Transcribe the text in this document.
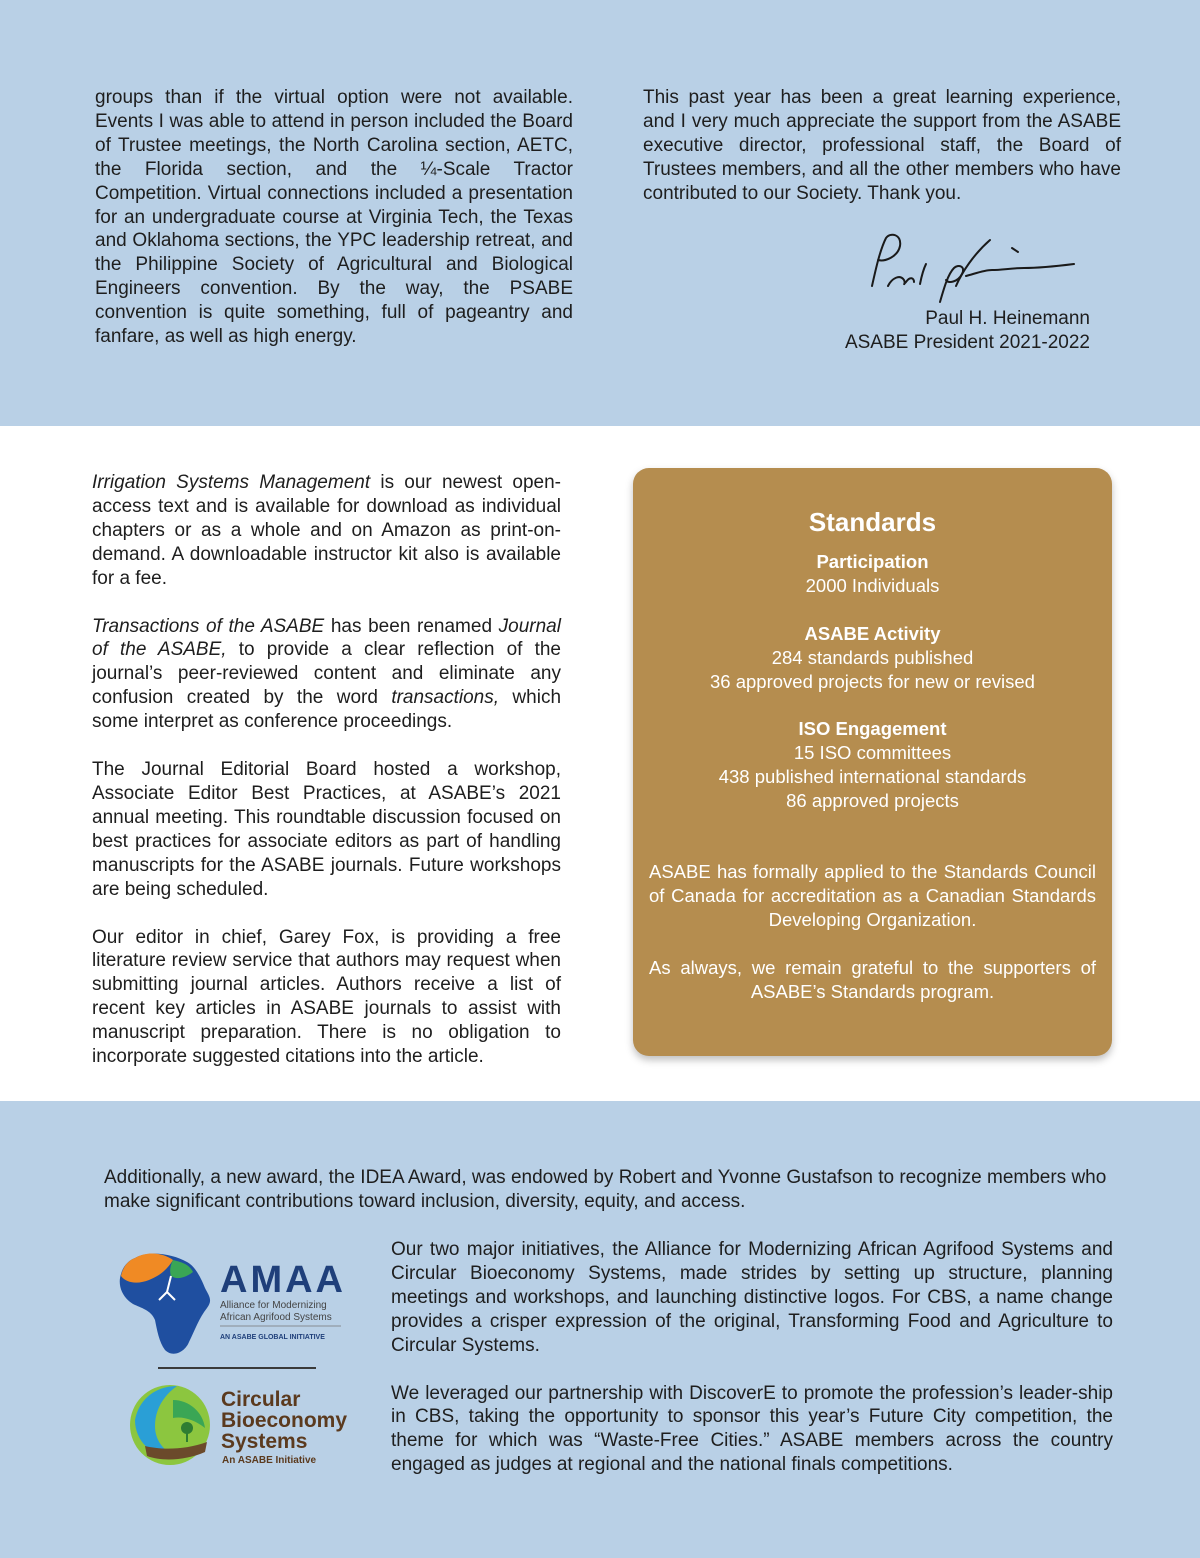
groups than if the virtual option were not available. Events I was able to attend in person included the Board of Trustee meetings, the North Carolina section, AETC, the Florida section, and the ¼-Scale Tractor Competition. Virtual connections included a presentation for an undergraduate course at Virginia Tech, the Texas and Oklahoma sections, the YPC leadership retreat, and the Philippine Society of Agricultural and Biological Engineers convention. By the way, the PSABE convention is quite something, full of pageantry and fanfare, as well as high energy.

This past year has been a great learning experience, and I very much appreciate the support from the ASABE executive director, professional staff, the Board of Trustees members, and all the other members who have contributed to our Society. Thank you.

Paul H. Heinemann
ASABE President 2021-2022

Irrigation Systems Management is our newest open-access text and is available for download as individual chapters or as a whole and on Amazon as print-on-demand. A downloadable instructor kit also is available for a fee.

Transactions of the ASABE has been renamed Journal of the ASABE, to provide a clear reflection of the journal’s peer-reviewed content and eliminate any confusion created by the word transactions, which some interpret as conference proceedings.

The Journal Editorial Board hosted a workshop, Associate Editor Best Practices, at ASABE’s 2021 annual meeting. This roundtable discussion focused on best practices for associate editors as part of handling manuscripts for the ASABE journals. Future workshops are being scheduled.

Our editor in chief, Garey Fox, is providing a free literature review service that authors may request when submitting journal articles. Authors receive a list of recent key articles in ASABE journals to assist with manuscript preparation. There is no obligation to incorporate suggested citations into the article.

Standards
Participation
2000 Individuals
ASABE Activity
284 standards published
36 approved projects for new or revised
ISO Engagement
15 ISO committees
438 published international standards
86 approved projects
ASABE has formally applied to the Standards Council of Canada for accreditation as a Canadian Standards Developing Organization.
As always, we remain grateful to the supporters of ASABE’s Standards program.
Additionally, a new award, the IDEA Award, was endowed by Robert and Yvonne Gustafson to recognize members who make significant contributions toward inclusion, diversity, equity, and access.

Our two major initiatives, the Alliance for Modernizing African Agrifood Systems and Circular Bioeconomy Systems, made strides by setting up structure, planning meetings and workshops, and launching distinctive logos. For CBS, a name change provides a crisper expression of the original, Transforming Food and Agriculture to Circular Systems.

We leveraged our partnership with DiscoverE to promote the profession’s leader-ship in CBS, taking the opportunity to sponsor this year’s Future City competition, the theme for which was “Waste-Free Cities.” ASABE members across the country engaged as judges at regional and the national finals competitions.

AMAA
Alliance for Modernizing
African Agrifood Systems
AN ASABE GLOBAL INITIATIVE
Circular
Bioeconomy
Systems
An ASABE Initiative
